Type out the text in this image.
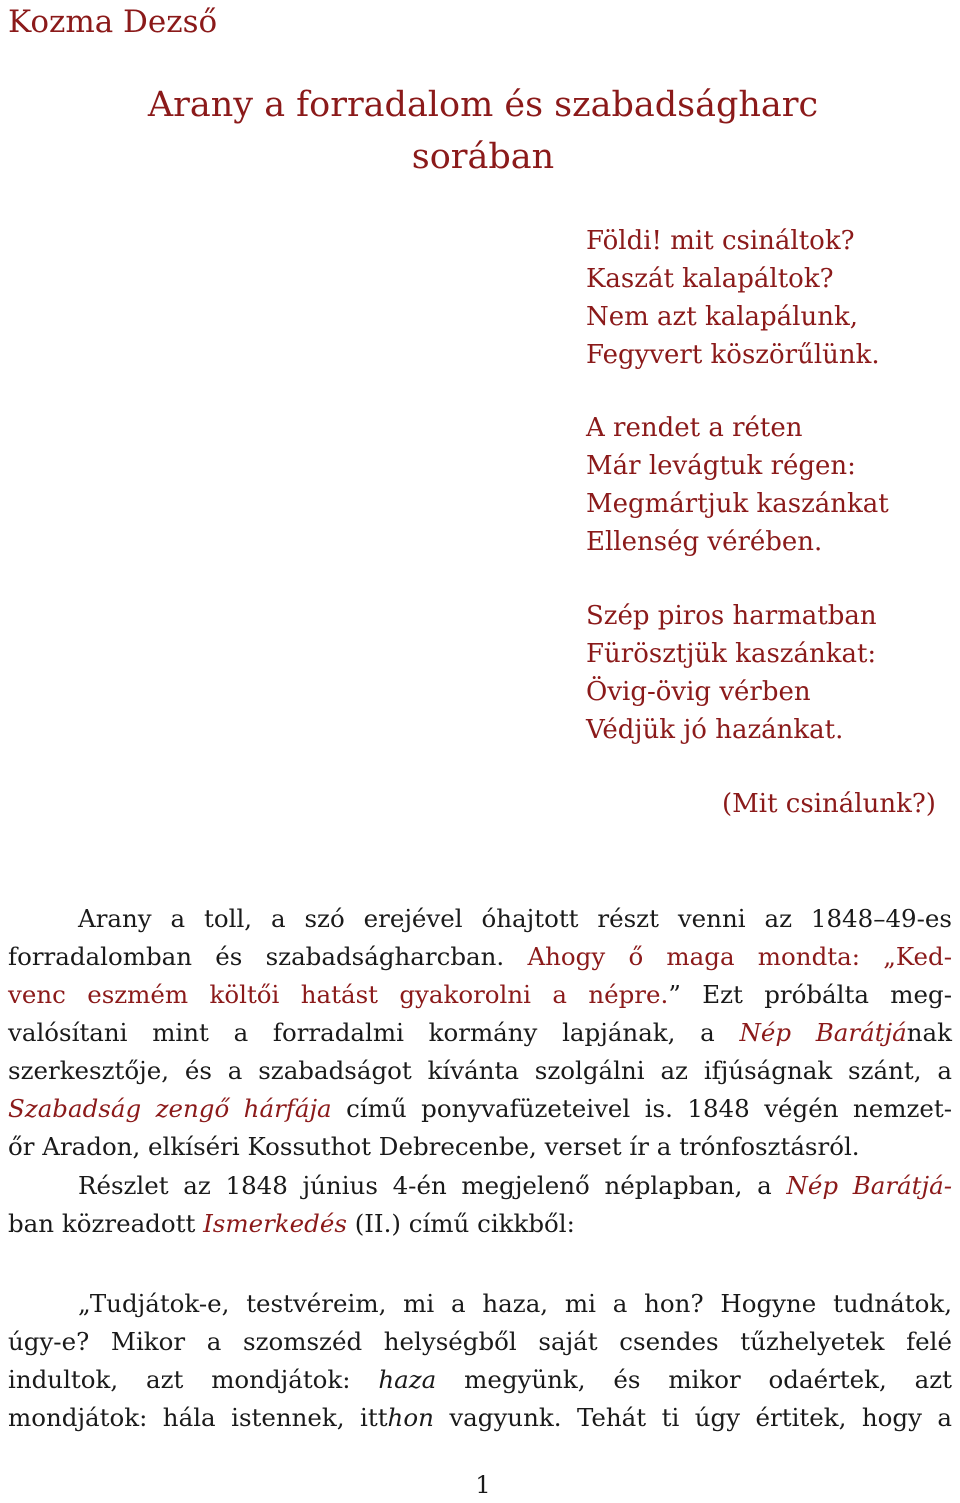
Kozma Dezső
Arany a forradalom és szabadságharc
sorában
Földi! mit csináltok?
Kaszát kalapáltok?
Nem azt kalapálunk,
Fegyvert köszörűlünk.
A rendet a réten
Már levágtuk régen:
Megmártjuk kaszánkat
Ellenség vérében.
Szép piros harmatban
Fürösztjük kaszánkat:
Övig-övig vérben
Védjük jó hazánkat.
(Mit csinálunk?)
Arany a toll, a szó erejével óhajtott részt venni az 1848–49-es
forradalomban és szabadságharcban. Ahogy ő maga mondta: „Ked-
venc eszmém költői hatást gyakorolni a népre.” Ezt próbálta meg-
valósítani mint a forradalmi kormány lapjának, a Nép Barátjának
szerkesztője, és a szabadságot kívánta szolgálni az ifjúságnak szánt, a
Szabadság zengő hárfája című ponyvafüzeteivel is. 1848 végén nemzet-
őr Aradon, elkíséri Kossuthot Debrecenbe, verset ír a trónfosztásról.
Részlet az 1848 június 4-én megjelenő néplapban, a Nép Barátjá-
ban közreadott Ismerkedés (II.) című cikkből:
„Tudjátok-e, testvéreim, mi a haza, mi a hon? Hogyne tudnátok,
úgy-e? Mikor a szomszéd helységből saját csendes tűzhelyetek felé
indultok, azt mondjátok: haza megyünk, és mikor odaértek, azt
mondjátok: hála istennek, itthon vagyunk. Tehát ti úgy értitek, hogy a
1
